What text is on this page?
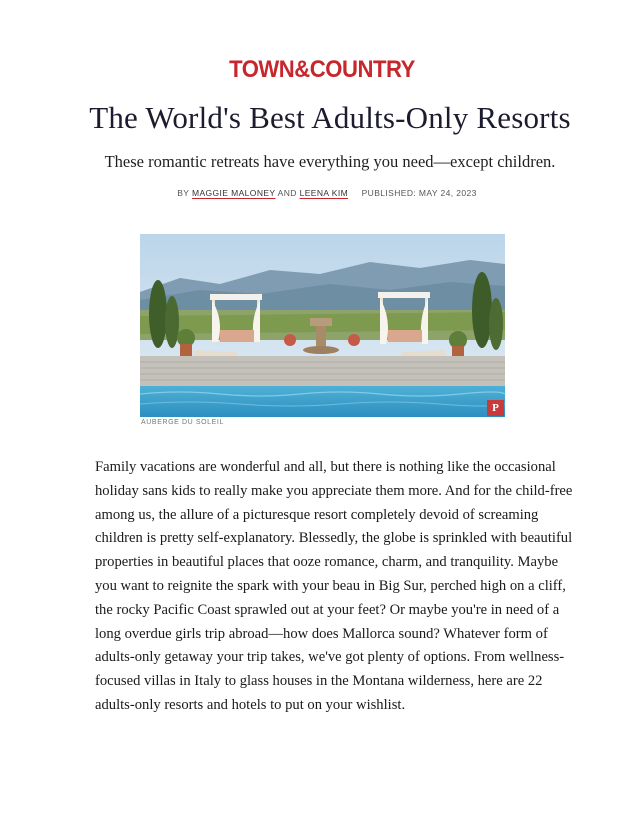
TOWN&COUNTRY
The World's Best Adults-Only Resorts
These romantic retreats have everything you need—except children.
BY MAGGIE MALONEY AND LEENA KIM PUBLISHED: MAY 24, 2023
P
AUBERGE DU SOLEIL

Family vacations are wonderful and all, but there is nothing like the occasional holiday sans kids to really make you appreciate them more. And for the child-free among us, the allure of a picturesque resort completely devoid of screaming children is pretty self-explanatory. Blessedly, the globe is sprinkled with beautiful properties in beautiful places that ooze romance, charm, and tranquility. Maybe you want to reignite the spark with your beau in Big Sur, perched high on a cliff, the rocky Pacific Coast sprawled out at your feet? Or maybe you're in need of a long overdue girls trip abroad—how does Mallorca sound? Whatever form of adults-only getaway your trip takes, we've got plenty of options. From wellness-focused villas in Italy to glass houses in the Montana wilderness, here are 22 adults-only resorts and hotels to put on your wishlist.
